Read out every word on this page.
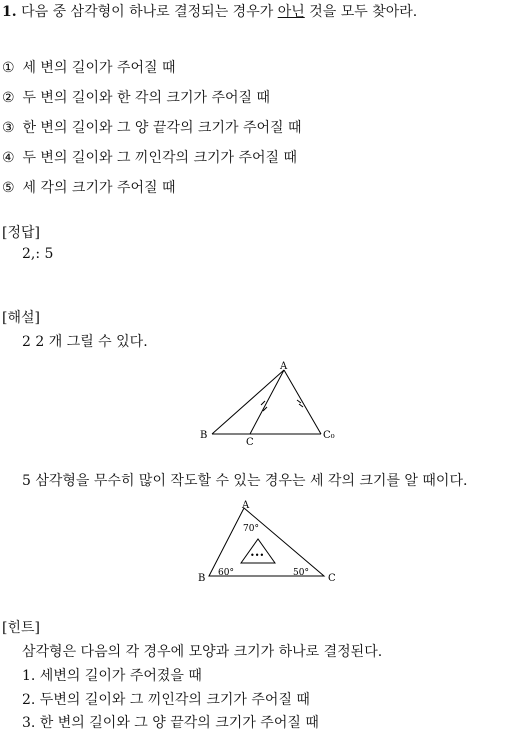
1. 다음 중 삼각형이 하나로 결정되는 경우가 아닌 것을 모두 찾아라.
① 세 변의 길이가 주어질 때
② 두 변의 길이와 한 각의 크기가 주어질 때
③ 한 변의 길이와 그 양 끝각의 크기가 주어질 때
④ 두 변의 길이와 그 끼인각의 크기가 주어질 때
⑤ 세 각의 크기가 주어질 때
[정답]
2,: 5
[해설]
2 2 개 그릴 수 있다.
A
B
C
C₀
5 삼각형을 무수히 많이 작도할 수 있는 경우는 세 각의 크기를 알 때이다.
•••
A
B	C
70°
60°	50°
[힌트]
삼각형은 다음의 각 경우에 모양과 크기가 하나로 결정된다.
1. 세변의 길이가 주어졌을 때
2. 두변의 길이와 그 끼인각의 크기가 주어질 때
3. 한 변의 길이와 그 양 끝각의 크기가 주어질 때
